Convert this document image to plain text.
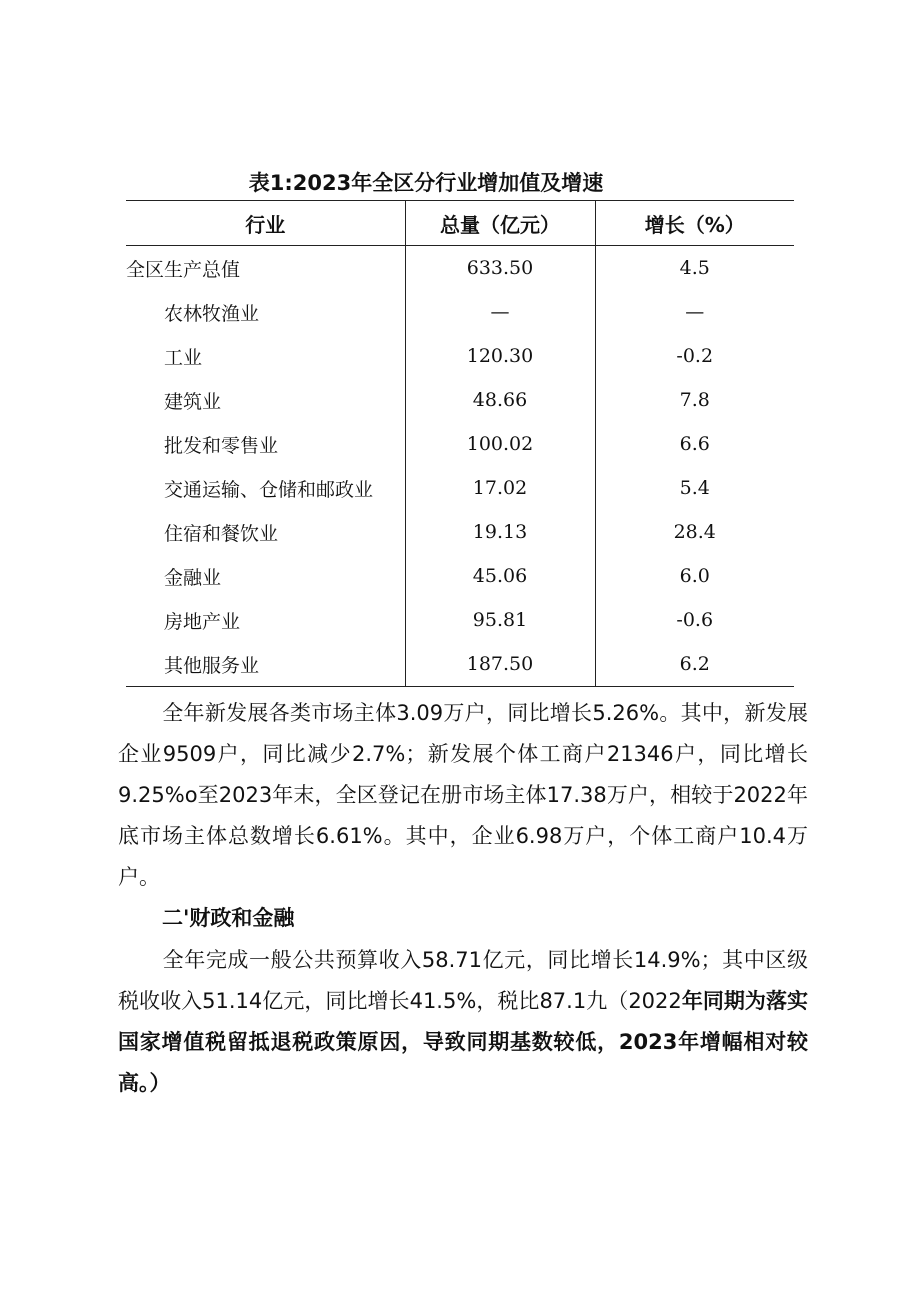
表1:2023年全区分行业增加值及增速
行业	总量（亿元）	增长（%）
全区生产总值	633.50	4.5
农林牧渔业	—	—
工业	120.30	-0.2
建筑业	48.66	7.8
批发和零售业	100.02	6.6
交通运输、仓储和邮政业	17.02	5.4
住宿和餐饮业	19.13	28.4
金融业	45.06	6.0
房地产业	95.81	-0.6
其他服务业	187.50	6.2

全年新发展各类市场主体3.09万户，同比增长5.26%。其中，新发展企业9509户，同比减少2.7%；新发展个体工商户21346户，同比增长9.25%o至2023年末，全区登记在册市场主体17.38万户，相较于2022年底市场主体总数增长6.61%。其中，企业6.98万户，个体工商户10.4万户。

二'财政和金融

全年完成一般公共预算收入58.71亿元，同比增长14.9%；其中区级税收收入51.14亿元，同比增长41.5%，税比87.1九（2022年同期为落实国家增值税留抵退税政策原因，导致同期基数较低，2023年增幅相对较高。）
